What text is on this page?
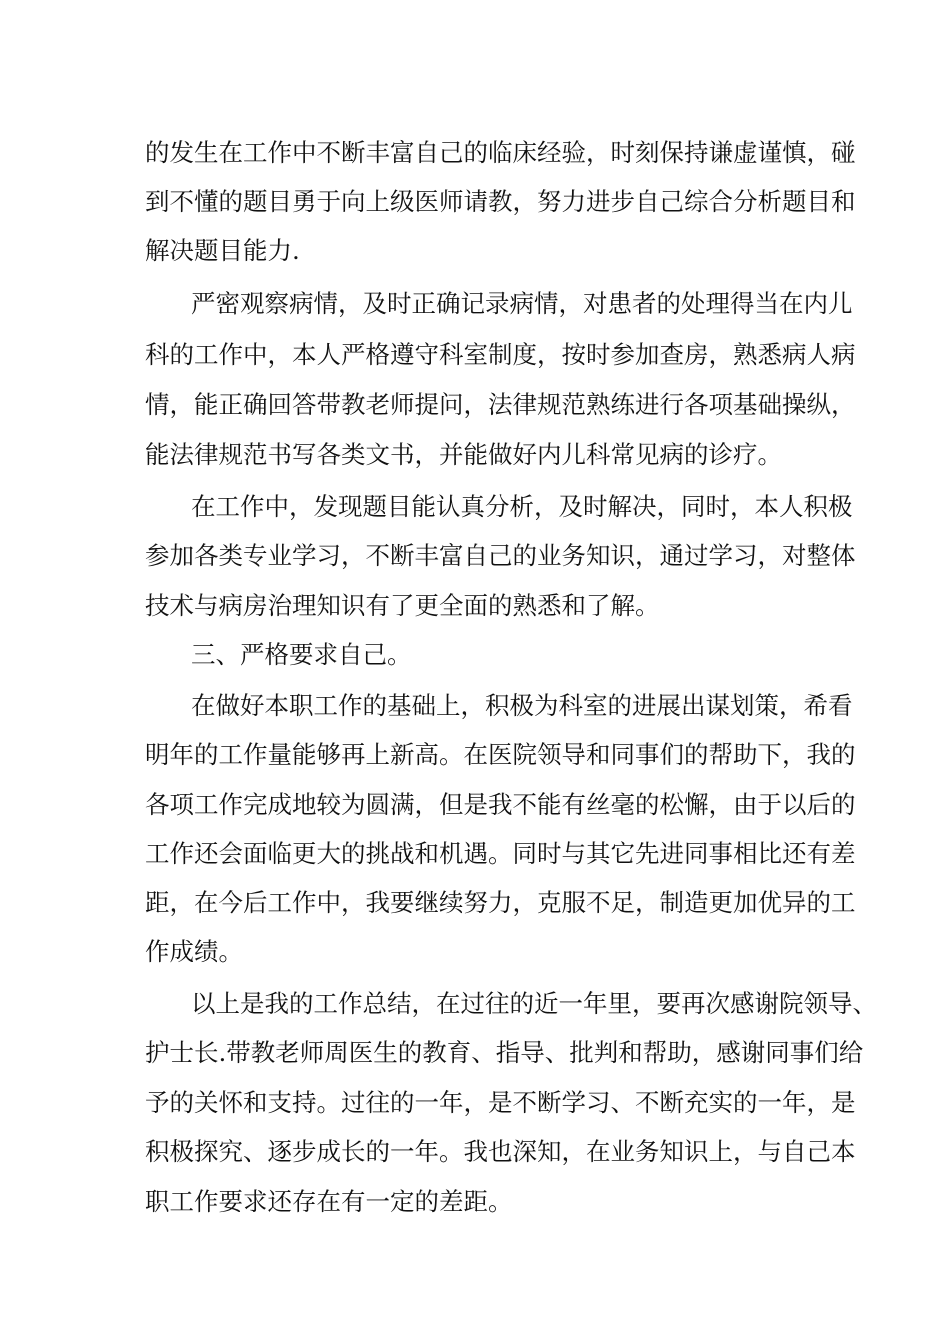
的发生在工作中不断丰富自己的临床经验，时刻保持谦虚谨慎，碰
到不懂的题目勇于向上级医师请教，努力进步自己综合分析题目和
解决题目能力.
严密观察病情，及时正确记录病情，对患者的处理得当在内儿
科的工作中，本人严格遵守科室制度，按时参加查房，熟悉病人病
情，能正确回答带教老师提问，法律规范熟练进行各项基础操纵，
能法律规范书写各类文书，并能做好内儿科常见病的诊疗。
在工作中，发现题目能认真分析，及时解决，同时，本人积极
参加各类专业学习，不断丰富自己的业务知识，通过学习，对整体
技术与病房治理知识有了更全面的熟悉和了解。
三、严格要求自己。
在做好本职工作的基础上，积极为科室的进展出谋划策，希看
明年的工作量能够再上新高。在医院领导和同事们的帮助下，我的
各项工作完成地较为圆满，但是我不能有丝毫的松懈，由于以后的
工作还会面临更大的挑战和机遇。同时与其它先进同事相比还有差
距，在今后工作中，我要继续努力，克服不足，制造更加优异的工
作成绩。
以上是我的工作总结，在过往的近一年里，要再次感谢院领导、
护士长.带教老师周医生的教育、指导、批判和帮助，感谢同事们给
予的关怀和支持。过往的一年，是不断学习、不断充实的一年，是
积极探究、逐步成长的一年。我也深知，在业务知识上，与自己本
职工作要求还存在有一定的差距。
